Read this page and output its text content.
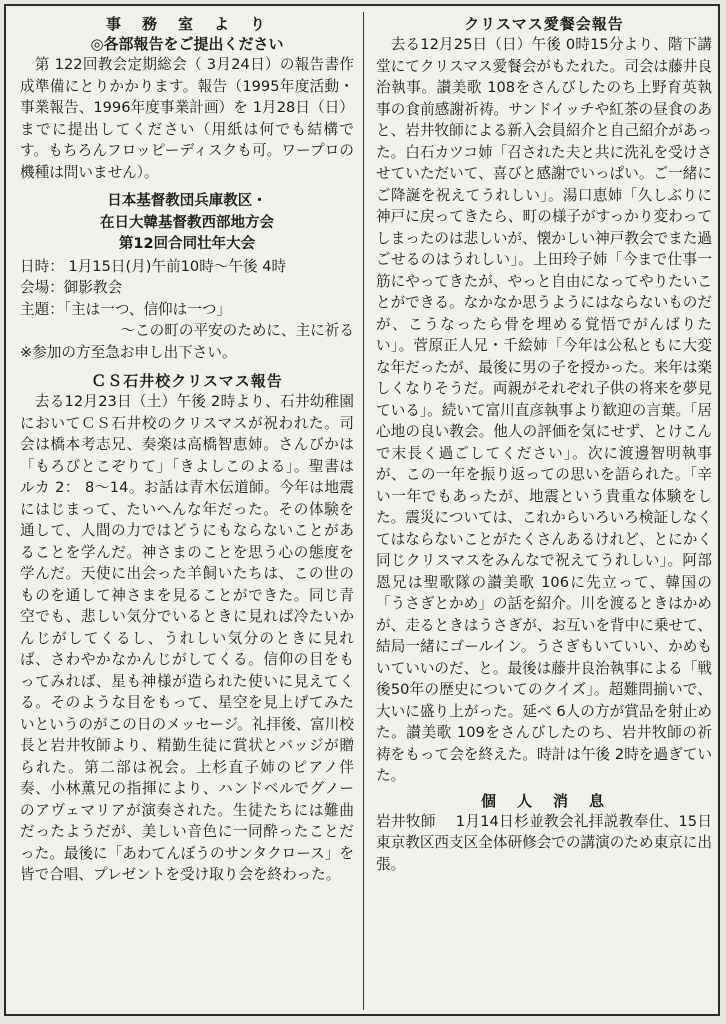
事　務　室　よ　り
◎各部報告をご提出ください

　第 122回教会定期総会（ 3月24日）の報告書作成準備にとりかかります。報告（1995年度活動・事業報告、1996年度事業計画）を 1月28日（日）までに提出してください（用紙は何でも結構です。もちろんフロッピーディスクも可。ワープロの機種は問いません）。

日本基督教団兵庫教区・

在日大韓基督教西部地方会

第12回合同壮年大会

日時： 1月15日(月)午前10時〜午後 4時

会場：御影教会

主題：「主は一つ、信仰は一つ」

〜この町の平安のために、主に祈る

※参加の方至急お申し出下さい。

ＣＳ石井校クリスマス報告

　去る12月23日（土）午後 2時より、石井幼稚園においてＣＳ石井校のクリスマスが祝われた。司会は橋本考志兄、奏楽は高橋智恵姉。さんびかは「もろびとこぞりて」「きよしこのよる」。聖書はルカ 2： 8〜14。お話は青木伝道師。今年は地震にはじまって、たいへんな年だった。その体験を通して、人間の力ではどうにもならないことがあることを学んだ。神さまのことを思う心の態度を学んだ。天使に出会った羊飼いたちは、この世のものを通して神さまを見ることができた。同じ青空でも、悲しい気分でいるときに見れば冷たいかんじがしてくるし、うれしい気分のときに見れば、さわやかなかんじがしてくる。信仰の目をもってみれば、星も神様が造られた使いに見えてくる。そのような目をもって、星空を見上げてみたいというのがこの日のメッセージ。礼拝後、富川校長と岩井牧師より、精勤生徒に賞状とバッジが贈られた。第二部は祝会。上杉直子姉のピアノ伴奏、小林薫兄の指揮により、ハンドベルでグノーのアヴェマリアが演奏された。生徒たちには難曲だったようだが、美しい音色に一同酔ったことだった。最後に「あわてんぼうのサンタクロース」を皆で合唱、プレゼントを受け取り会を終わった。

クリスマス愛餐会報告

　去る12月25日（日）午後 0時15分より、階下講堂にてクリスマス愛餐会がもたれた。司会は藤井良治執事。讃美歌 108をさんびしたのち上野育英執事の食前感謝祈祷。サンドイッチや紅茶の昼食のあと、岩井牧師による新入会員紹介と自己紹介があった。白石カツコ姉「召された夫と共に洗礼を受けさせていただいて、喜びと感謝でいっぱい。ご一緒にご降誕を祝えてうれしい」。湯口恵姉「久しぶりに神戸に戻ってきたら、町の様子がすっかり変わってしまったのは悲しいが、懐かしい神戸教会でまた過ごせるのはうれしい」。上田玲子姉「今まで仕事一筋にやってきたが、やっと自由になってやりたいことができる。なかなか思うようにはならないものだが、こうなったら骨を埋める覚悟でがんばりたい」。菅原正人兄・千絵姉「今年は公私ともに大変な年だったが、最後に男の子を授かった。来年は楽しくなりそうだ。両親がそれぞれ子供の将来を夢見ている」。続いて富川直彦執事より歓迎の言葉。「居心地の良い教会。他人の評価を気にせず、とけこんで末長く過ごしてください」。次に渡邊智明執事が、この一年を振り返っての思いを語られた。「辛い一年でもあったが、地震という貴重な体験をした。震災については、これからいろいろ検証しなくてはならないことがたくさんあるけれど、とにかく同じクリスマスをみんなで祝えてうれしい」。阿部恩兄は聖歌隊の讃美歌 106に先立って、韓国の「うさぎとかめ」の話を紹介。川を渡るときはかめが、走るときはうさぎが、お互いを背中に乗せて、結局一緒にゴールイン。うさぎもいていい、かめもいていいのだ、と。最後は藤井良治執事による「戦後50年の歴史についてのクイズ」。超難問揃いで、大いに盛り上がった。延べ 6人の方が賞品を射止めた。讃美歌 109をさんびしたのち、岩井牧師の祈祷をもって会を終えた。時計は午後 2時を過ぎていた。

個　人　消　息

岩井牧師　 1月14日杉並教会礼拝説教奉仕、15日東京教区西支区全体研修会での講演のため東京に出張。
